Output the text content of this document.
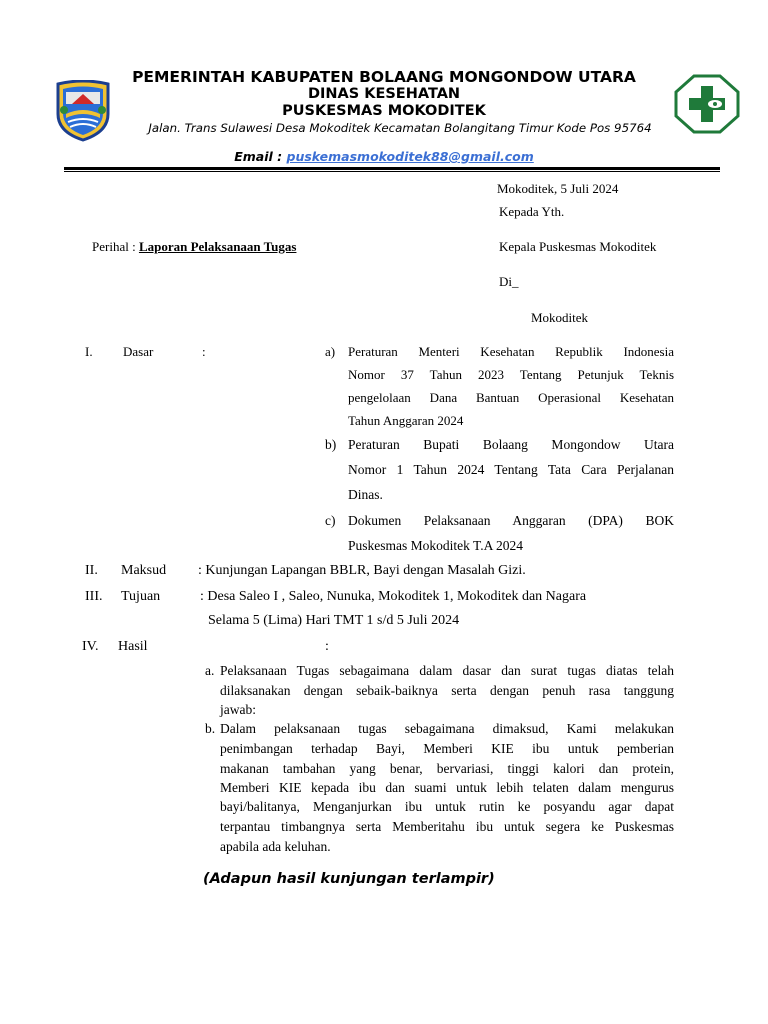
PEMERINTAH KABUPATEN BOLAANG MONGONDOW UTARA
DINAS KESEHATAN
PUSKESMAS MOKODITEK
Jalan. Trans Sulawesi Desa Mokoditek Kecamatan Bolangitang Timur Kode Pos 95764
Email : puskemasmokoditek88@gmail.com
Mokoditek, 5 Juli 2024
Kepada Yth.
Perihal : Laporan Pelaksanaan Tugas	Kepala Puskesmas Mokoditek
Di_
Mokoditek
I. Dasar	:	a) Peraturan Menteri Kesehatan Republik Indonesia
Nomor 37 Tahun 2023 Tentang Petunjuk Teknis
pengelolaan Dana Bantuan Operasional Kesehatan
Tahun Anggaran 2024
b) Peraturan Bupati Bolaang Mongondow Utara
Nomor 1 Tahun 2024 Tentang Tata Cara Perjalanan
Dinas.
c) Dokumen Pelaksanaan Anggaran (DPA) BOK
Puskesmas Mokoditek T.A 2024
II. Maksud : Kunjungan Lapangan BBLR, Bayi dengan Masalah Gizi.
III. Tujuan	: Desa Saleo I , Saleo, Nunuka, Mokoditek 1, Mokoditek dan Nagara
Selama 5 (Lima) Hari TMT 1 s/d 5 Juli 2024
IV. Hasil	:
a. Pelaksanaan Tugas sebagaimana dalam dasar dan surat tugas diatas telah
dilaksanakan dengan sebaik-baiknya serta dengan penuh rasa tanggung
jawab:
b. Dalam pelaksanaan tugas sebagaimana dimaksud, Kami melakukan
penimbangan terhadap Bayi, Memberi KIE ibu untuk pemberian
makanan tambahan yang benar, bervariasi, tinggi kalori dan protein,
Memberi KIE kepada ibu dan suami untuk lebih telaten dalam mengurus
bayi/balitanya, Menganjurkan ibu untuk rutin ke posyandu agar dapat
terpantau timbangnya serta Memberitahu ibu untuk segera ke Puskesmas
apabila ada keluhan.
(Adapun hasil kunjungan terlampir)
